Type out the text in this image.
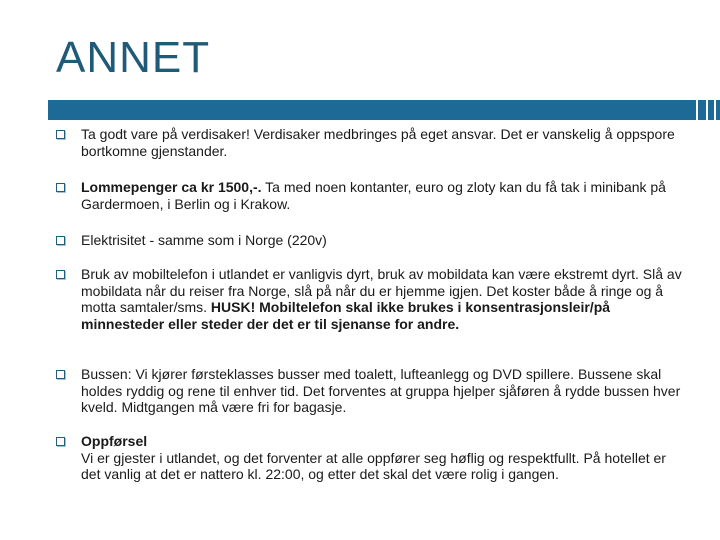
ANNET
Ta godt vare på verdisaker! Verdisaker medbringes på eget ansvar. Det er vanskelig å oppspore bortkomne gjenstander.
Lommepenger ca kr 1500,-. Ta med noen kontanter, euro og zloty kan du få tak i minibank på Gardermoen, i Berlin og i Krakow.
Elektrisitet - samme som i Norge (220v)
Bruk av mobiltelefon i utlandet er vanligvis dyrt, bruk av mobildata kan være ekstremt dyrt. Slå av mobildata når du reiser fra Norge, slå på når du er hjemme igjen. Det koster både å ringe og å motta samtaler/sms. HUSK! Mobiltelefon skal ikke brukes i konsentrasjonsleir/på minnesteder eller steder der det er til sjenanse for andre.
Bussen: Vi kjører førsteklasses busser med toalett, lufteanlegg og DVD spillere. Bussene skal holdes ryddig og rene til enhver tid. Det forventes at gruppa hjelper sjåføren å rydde bussen hver kveld. Midtgangen må være fri for bagasje.
Oppførsel
Vi er gjester i utlandet, og det forventer at alle oppfører seg høflig og respektfullt. På hotellet er det vanlig at det er nattero kl. 22:00, og etter det skal det være rolig i gangen.
